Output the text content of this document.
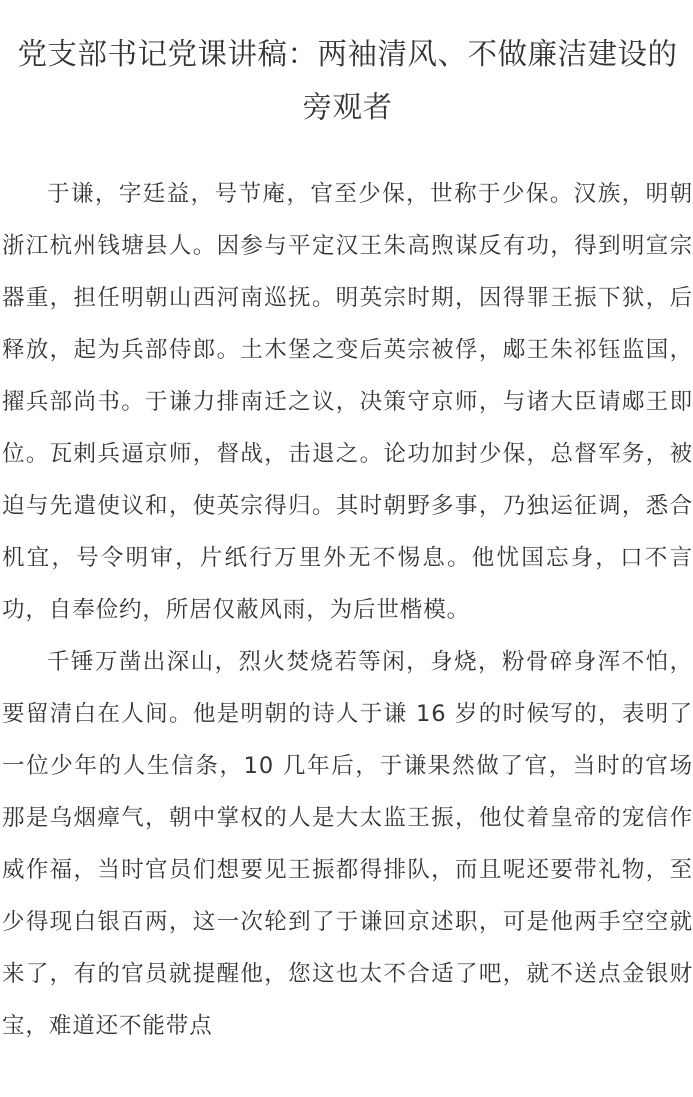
党支部书记党课讲稿：两袖清风、不做廉洁建设的旁观者

于谦，字廷益，号节庵，官至少保，世称于少保。汉族，明朝浙江杭州钱塘县人。因参与平定汉王朱高煦谋反有功，得到明宣宗器重，担任明朝山西河南巡抚。明英宗时期，因得罪王振下狱，后释放，起为兵部侍郎。土木堡之变后英宗被俘，郕王朱祁钰监国，擢兵部尚书。于谦力排南迁之议，决策守京师，与诸大臣请郕王即位。瓦剌兵逼京师，督战，击退之。论功加封少保，总督军务，被迫与先遣使议和，使英宗得归。其时朝野多事，乃独运征调，悉合机宜，号令明审，片纸行万里外无不惕息。他忧国忘身，口不言功，自奉俭约，所居仅蔽风雨，为后世楷模。

千锤万凿出深山，烈火焚烧若等闲，身烧，粉骨碎身浑不怕，要留清白在人间。他是明朝的诗人于谦 16 岁的时候写的，表明了一位少年的人生信条，10 几年后，于谦果然做了官，当时的官场那是乌烟瘴气，朝中掌权的人是大太监王振，他仗着皇帝的宠信作威作福，当时官员们想要见王振都得排队，而且呢还要带礼物，至少得现白银百两，这一次轮到了于谦回京述职，可是他两手空空就来了，有的官员就提醒他，您这也太不合适了吧，就不送点金银财宝，难道还不能带点
